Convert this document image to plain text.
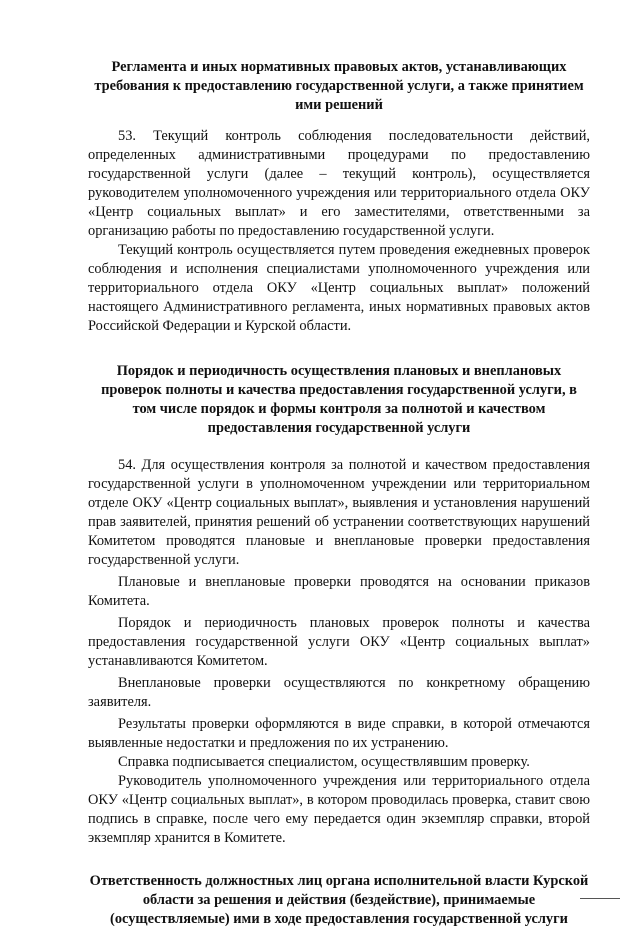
Регламента и иных нормативных правовых актов, устанавливающих требования к предоставлению государственной услуги, а также принятием ими решений

53. Текущий контроль соблюдения последовательности действий, определенных административными процедурами по предоставлению государственной услуги (далее – текущий контроль), осуществляется руководителем уполномоченного учреждения или территориального отдела ОКУ «Центр социальных выплат» и его заместителями, ответственными за организацию работы по предоставлению государственной услуги.

Текущий контроль осуществляется путем проведения ежедневных проверок соблюдения и исполнения специалистами уполномоченного учреждения или территориального отдела ОКУ «Центр социальных выплат» положений настоящего Административного регламента, иных нормативных правовых актов Российской Федерации и Курской области.

Порядок и периодичность осуществления плановых и внеплановых проверок полноты и качества предоставления государственной услуги, в том числе порядок и формы контроля за полнотой и качеством предоставления государственной услуги

54. Для осуществления контроля за полнотой и качеством предоставления государственной услуги в уполномоченном учреждении или территориальном отделе ОКУ «Центр социальных выплат», выявления и установления нарушений прав заявителей, принятия решений об устранении соответствующих нарушений Комитетом проводятся плановые и внеплановые проверки предоставления государственной услуги.

Плановые и внеплановые проверки проводятся на основании приказов Комитета.

Порядок и периодичность плановых проверок полноты и качества предоставления государственной услуги ОКУ «Центр социальных выплат» устанавливаются Комитетом.

Внеплановые проверки осуществляются по конкретному обращению заявителя.

Результаты проверки оформляются в виде справки, в которой отмечаются выявленные недостатки и предложения по их устранению.

Справка подписывается специалистом, осуществлявшим проверку.

Руководитель уполномоченного учреждения или территориального отдела ОКУ «Центр социальных выплат», в котором проводилась проверка, ставит свою подпись в справке, после чего ему передается один экземпляр справки, второй экземпляр хранится в Комитете.

Ответственность должностных лиц органа исполнительной власти Курской области за решения и действия (бездействие), принимаемые (осуществляемые) ими в ходе предоставления государственной услуги
